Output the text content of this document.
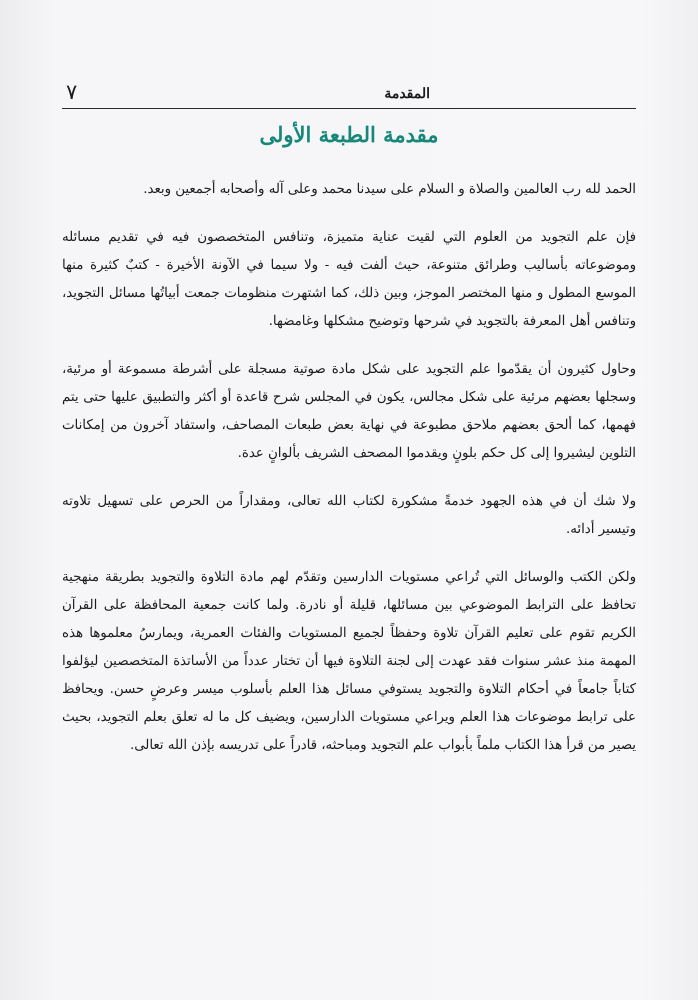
المقدمة
٧
مقدمة الطبعة الأولى

الحمد لله رب العالمين والصلاة و السلام على سيدنا محمد وعلى آله وأصحابه أجمعين وبعد.

فإن علم التجويد من العلوم التي لقيت عناية متميزة، وتنافس المتخصصون فيه في تقديم مسائله وموضوعاته بأساليب وطرائق متنوعة، حيث ألفت فيه - ولا سيما في الآونة الأخيرة - كتبٌ كثيرة منها الموسع المطول و منها المختصر الموجز، وبين ذلك، كما اشتهرت منظومات جمعت أبياتُها مسائل التجويد، وتنافس أهل المعرفة بالتجويد في شرحها وتوضيح مشكلها وغامضها.

وحاول كثيرون أن يقدّموا علم التجويد على شكل مادة صوتية مسجلة على أشرطة مسموعة أو مرئية، وسجلها بعضهم مرئية على شكل مجالس، يكون في المجلس شرح قاعدة أو أكثر والتطبيق عليها حتى يتم فهمها، كما ألحق بعضهم ملاحق مطبوعة في نهاية بعض طبعات المصاحف، واستفاد آخرون من إمكانات التلوين ليشيروا إلى كل حكم بلونٍ ويقدموا المصحف الشريف بألوانٍ عدة.

ولا شك أن في هذه الجهود خدمةً مشكورة لكتاب الله تعالى، ومقداراً من الحرص على تسهيل تلاوته وتيسير أدائه.

ولكن الكتب والوسائل التي تُراعي مستويات الدارسين وتقدّم لهم مادة التلاوة والتجويد بطريقة منهجية تحافظ على الترابط الموضوعي بين مسائلها، قليلة أو نادرة. ولما كانت جمعية المحافظة على القرآن الكريم تقوم على تعليم القرآن تلاوة وحفظاً لجميع المستويات والفئات العمرية، ويمارسُ معلموها هذه المهمة منذ عشر سنوات فقد عهدت إلى لجنة التلاوة فيها أن تختار عدداً من الأساتذة المتخصصين ليؤلفوا كتاباً جامعاً في أحكام التلاوة والتجويد يستوفي مسائل هذا العلم بأسلوب ميسر وعرضٍ حسن. ويحافظ على ترابط موضوعات هذا العلم ويراعي مستويات الدارسين، ويضيف كل ما له تعلق بعلم التجويد، بحيث يصير من قرأ هذا الكتاب ملماً بأبواب علم التجويد ومباحثه، قادراً على تدريسه بإذن الله تعالى.
